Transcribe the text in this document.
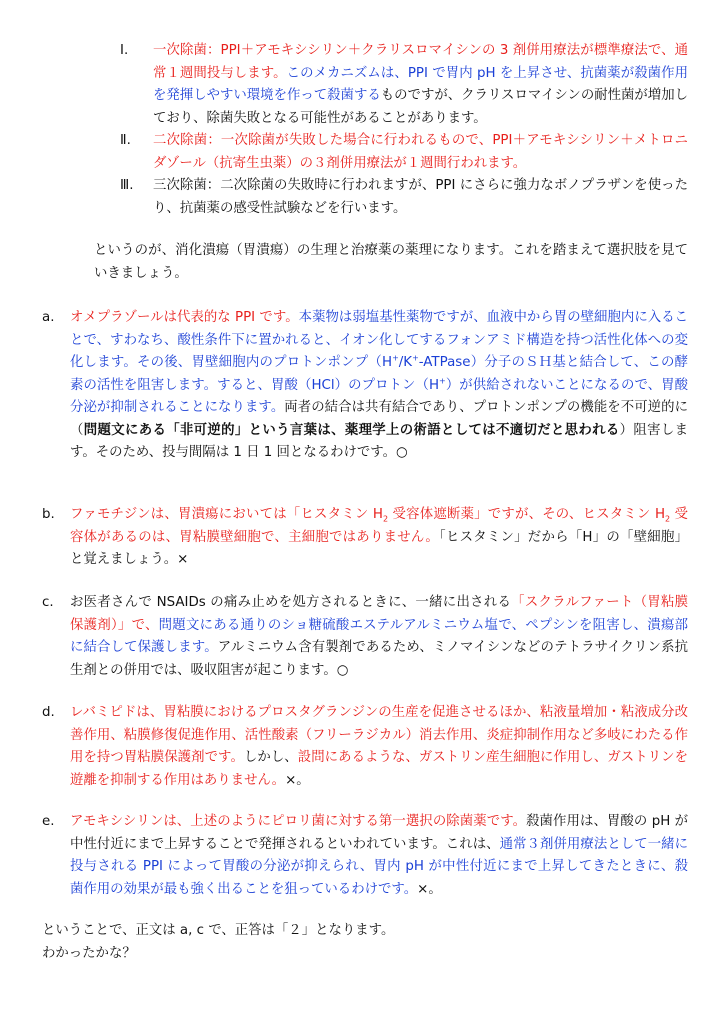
Ⅰ. 一次除菌：PPI＋アモキシシリン＋クラリスロマイシンの 3 剤併用療法が標準療法で、通常１週間投与します。このメカニズムは、PPI で胃内 pH を上昇させ、抗菌薬が殺菌作用を発揮しやすい環境を作って殺菌するものですが、クラリスロマイシンの耐性菌が増加しており、除菌失敗となる可能性があることがあります。

Ⅱ. 二次除菌：一次除菌が失敗した場合に行われるもので、PPI＋アモキシシリン＋メトロニダゾール（抗寄生虫薬）の３剤併用療法が１週間行われます。

Ⅲ. 三次除菌：二次除菌の失敗時に行われますが、PPI にさらに強力なボノプラザンを使ったり、抗菌薬の感受性試験などを行います。

というのが、消化潰瘍（胃潰瘍）の生理と治療薬の薬理になります。これを踏まえて選択肢を見ていきましょう。

a. オメプラゾールは代表的な PPI です。本薬物は弱塩基性薬物ですが、血液中から胃の壁細胞内に入ることで、すわなち、酸性条件下に置かれると、イオン化してするフォンアミド構造を持つ活性化体への変化します。その後、胃壁細胞内のプロトンポンプ（H+/K+-ATPase）分子のＳＨ基と結合して、この酵素の活性を阻害します。すると、胃酸（HCl）のプロトン（H+）が供給されないことになるので、胃酸分泌が抑制されることになります。両者の結合は共有結合であり、プロトンポンプの機能を不可逆的に（問題文にある「非可逆的」という言葉は、薬理学上の術語としては不適切だと思われる）阻害します。そのため、投与間隔は 1 日 1 回となるわけです。○

b. ファモチジンは、胃潰瘍においては「ヒスタミン $H_2$ 受容体遮断薬」ですが、その、ヒスタミン $H_2$ 受容体があるのは、胃粘膜壁細胞で、主細胞ではありません。「ヒスタミン」だから「H」の「壁細胞」と覚えましょう。×

c. お医者さんで NSAIDs の痛み止めを処方されるときに、一緒に出される「スクラルファート（胃粘膜保護剤）」で、問題文にある通りのショ糖硫酸エステルアルミニウム塩で、ペプシンを阻害し、潰瘍部に結合して保護します。アルミニウム含有製剤であるため、ミノマイシンなどのテトラサイクリン系抗生剤との併用では、吸収阻害が起こります。○

d. レバミピドは、胃粘膜におけるプロスタグランジンの生産を促進させるほか、粘液量増加・粘液成分改善作用、粘膜修復促進作用、活性酸素（フリーラジカル）消去作用、炎症抑制作用など多岐にわたる作用を持つ胃粘膜保護剤です。しかし、設問にあるような、ガストリン産生細胞に作用し、ガストリンを遊離を抑制する作用はありません。×。

e. アモキシシリンは、上述のようにピロリ菌に対する第一選択の除菌薬です。殺菌作用は、胃酸の pH が中性付近にまで上昇することで発揮されるといわれています。これは、通常３剤併用療法として一緒に投与される PPI によって胃酸の分泌が抑えられ、胃内 pH が中性付近にまで上昇してきたときに、殺菌作用の効果が最も強く出ることを狙っているわけです。×。

ということで、正文は a, c で、正答は「２」となります。

わかったかな？
